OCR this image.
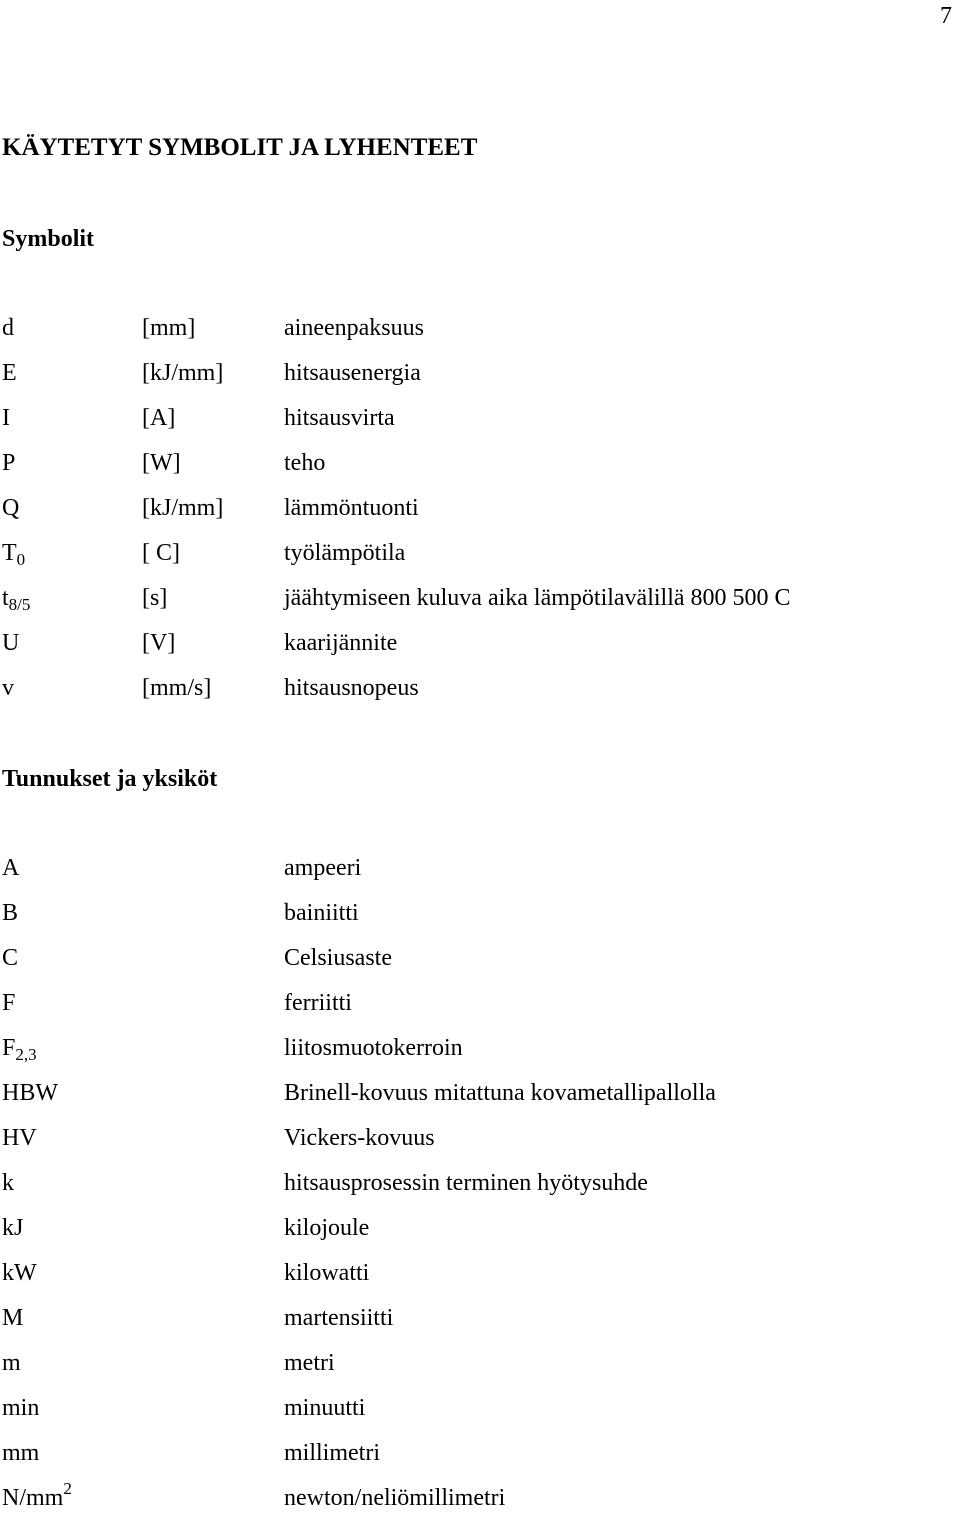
7
KÄYTETYT SYMBOLIT JA LYHENTEET
Symbolit
d	[mm]	aineenpaksuus
E	[kJ/mm]	hitsausenergia
I	[A]	hitsausvirta
P	[W]	teho
Q	[kJ/mm]	lämmöntuonti
$T_0$	[ C]	työlämpötila
$t_{8/5}$	[s]	jäähtymiseen kuluva aika lämpötilavälillä 800 500 C
U	[V]	kaarijännite
v	[mm/s]	hitsausnopeus
Tunnukset ja yksiköt
A	ampeeri
B	bainiitti
C	Celsiusaste
F	ferriitti
$F_{2,3}$	liitosmuotokerroin
HBW	Brinell-kovuus mitattuna kovametallipallolla
HV	Vickers-kovuus
k	hitsausprosessin terminen hyötysuhde
kJ	kilojoule
kW	kilowatti
M	martensiitti
m	metri
min	minuutti
mm	millimetri
$N/mm^2$	newton/neliömillimetri
